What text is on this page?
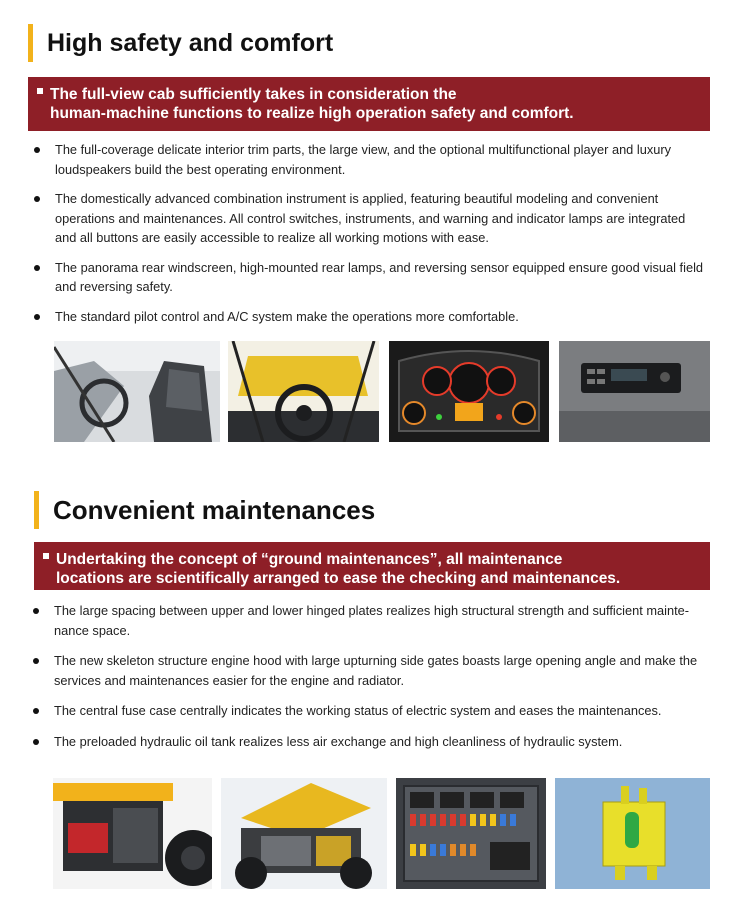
High safety and comfort
The full-view cab sufficiently takes in consideration the
human-machine functions to realize high operation safety and comfort.
The full-coverage delicate interior trim parts, the large view, and the optional multifunctional player and luxury loudspeakers build the best operating environment.
The domestically advanced combination instrument is applied, featuring beautiful modeling and convenient operations and maintenances. All control switches, instruments, and warning and indicator lamps are integrated and all buttons are easily accessible to realize all working motions with ease.
The panorama rear windscreen, high-mounted rear lamps, and reversing sensor equipped ensure good visual field and reversing safety.
The standard pilot control and A/C system make the operations more comfortable.
Convenient maintenances
Undertaking the concept of “ground maintenances”, all maintenance
locations are scientifically arranged to ease the checking and maintenances.
The large spacing between upper and lower hinged plates realizes high structural strength and sufficient mainte-nance space.
The new skeleton structure engine hood with large upturning side gates boasts large opening angle and make the services and maintenances easier for the engine and radiator.
The central fuse case centrally indicates the working status of electric system and eases the maintenances.
The preloaded hydraulic oil tank realizes less air exchange and high cleanliness of hydraulic system.
